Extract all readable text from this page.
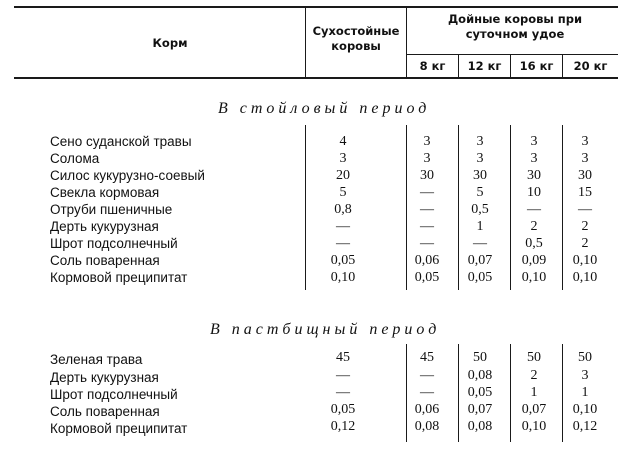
Корм
Сухостойные коровы
Дойные коровы при суточном удое
8 кг	12 кг	16 кг	20 кг
В стойловый период
Сено суданской травы	4	3	3	3	3
Солома	3	3	3	3	3
Силос кукурузно-соевый	20	30	30	30	30
Свекла кормовая	5	—	5	10	15
Отруби пшеничные	0,8	—	0,5	—	—
Дерть кукурузная	—	—	1	2	2
Шрот подсолнечный	—	—	—	0,5	2
Соль поваренная	0,05	0,06	0,07	0,09	0,10
Кормовой преципитат	0,10	0,05	0,05	0,10	0,10
В пастбищный период
Зеленая трава	45	45	50	50	50
Дерть кукурузная	—	—	0,08	2	3
Шрот подсолнечный	—	—	0,05	1	1
Соль поваренная	0,05	0,06	0,07	0,07	0,10
Кормовой преципитат	0,12	0,08	0,08	0,10	0,12
